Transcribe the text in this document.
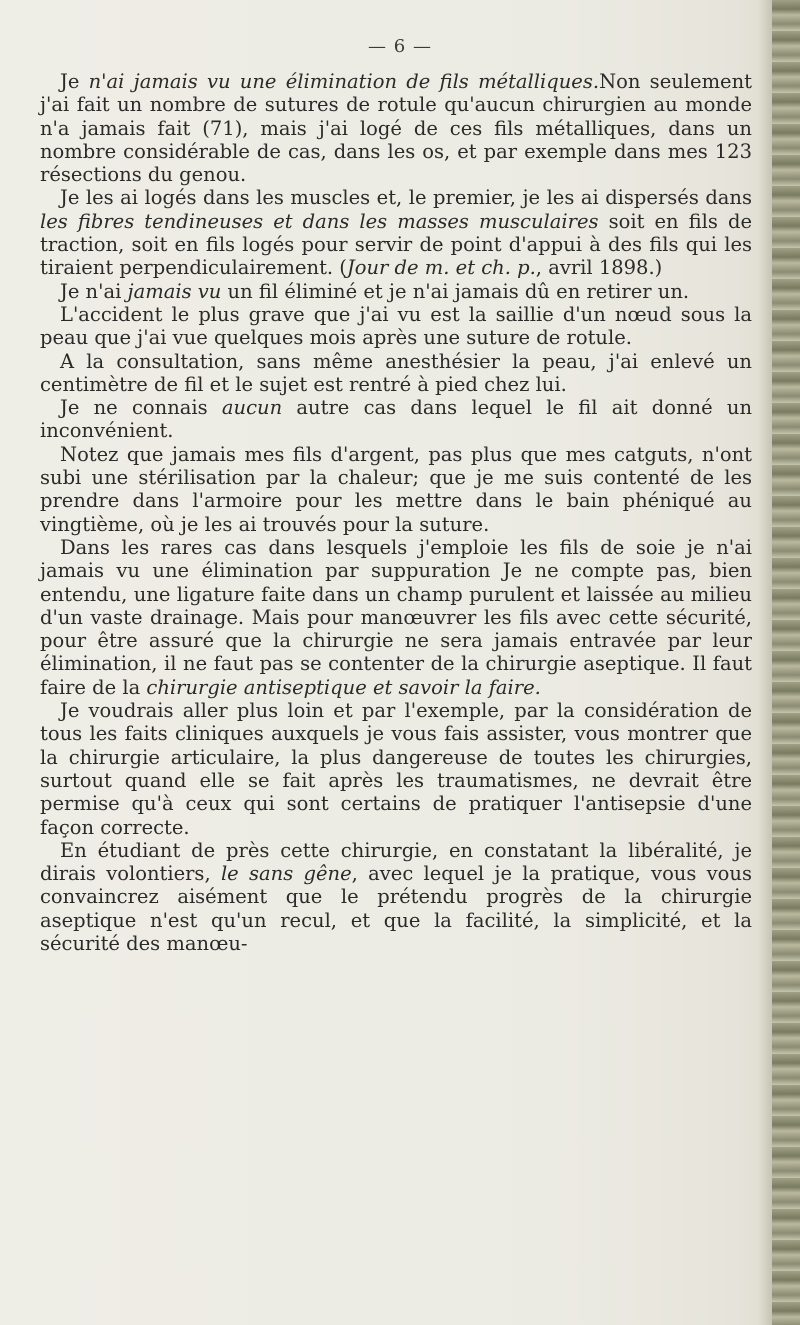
— 6 —

Je n'ai jamais vu une élimination de fils métalliques.Non seulement j'ai fait un nombre de sutures de rotule qu'aucun chirurgien au monde n'a jamais fait (71), mais j'ai logé de ces fils métalliques, dans un nombre considérable de cas, dans les os, et par exemple dans mes 123 résections du genou.

Je les ai logés dans les muscles et, le premier, je les ai dispersés dans les fibres tendineuses et dans les masses musculaires soit en fils de traction, soit en fils logés pour servir de point d'appui à des fils qui les tiraient perpendiculairement. (Jour de m. et ch. p., avril 1898.)

Je n'ai jamais vu un fil éliminé et je n'ai jamais dû en retirer un.

L'accident le plus grave que j'ai vu est la saillie d'un nœud sous la peau que j'ai vue quelques mois après une suture de rotule.

A la consultation, sans même anesthésier la peau, j'ai enlevé un centimètre de fil et le sujet est rentré à pied chez lui.

Je ne connais aucun autre cas dans lequel le fil ait donné un inconvénient.

Notez que jamais mes fils d'argent, pas plus que mes catguts, n'ont subi une stérilisation par la chaleur; que je me suis contenté de les prendre dans l'armoire pour les mettre dans le bain phéniqué au vingtième, où je les ai trouvés pour la suture.

Dans les rares cas dans lesquels j'emploie les fils de soie je n'ai jamais vu une élimination par suppuration Je ne compte pas, bien entendu, une ligature faite dans un champ purulent et laissée au milieu d'un vaste drainage. Mais pour manœuvrer les fils avec cette sécurité, pour être assuré que la chirurgie ne sera jamais entravée par leur élimination, il ne faut pas se contenter de la chirurgie aseptique. Il faut faire de la chirurgie antiseptique et savoir la faire.

Je voudrais aller plus loin et par l'exemple, par la considération de tous les faits cliniques auxquels je vous fais assister, vous montrer que la chirurgie articulaire, la plus dangereuse de toutes les chirurgies, surtout quand elle se fait après les traumatismes, ne devrait être permise qu'à ceux qui sont certains de pratiquer l'antisepsie d'une façon correcte.

En étudiant de près cette chirurgie, en constatant la libéralité, je dirais volontiers, le sans gêne, avec lequel je la pratique, vous vous convaincrez aisément que le prétendu progrès de la chirurgie aseptique n'est qu'un recul, et que la facilité, la simplicité, et la sécurité des manœu-
